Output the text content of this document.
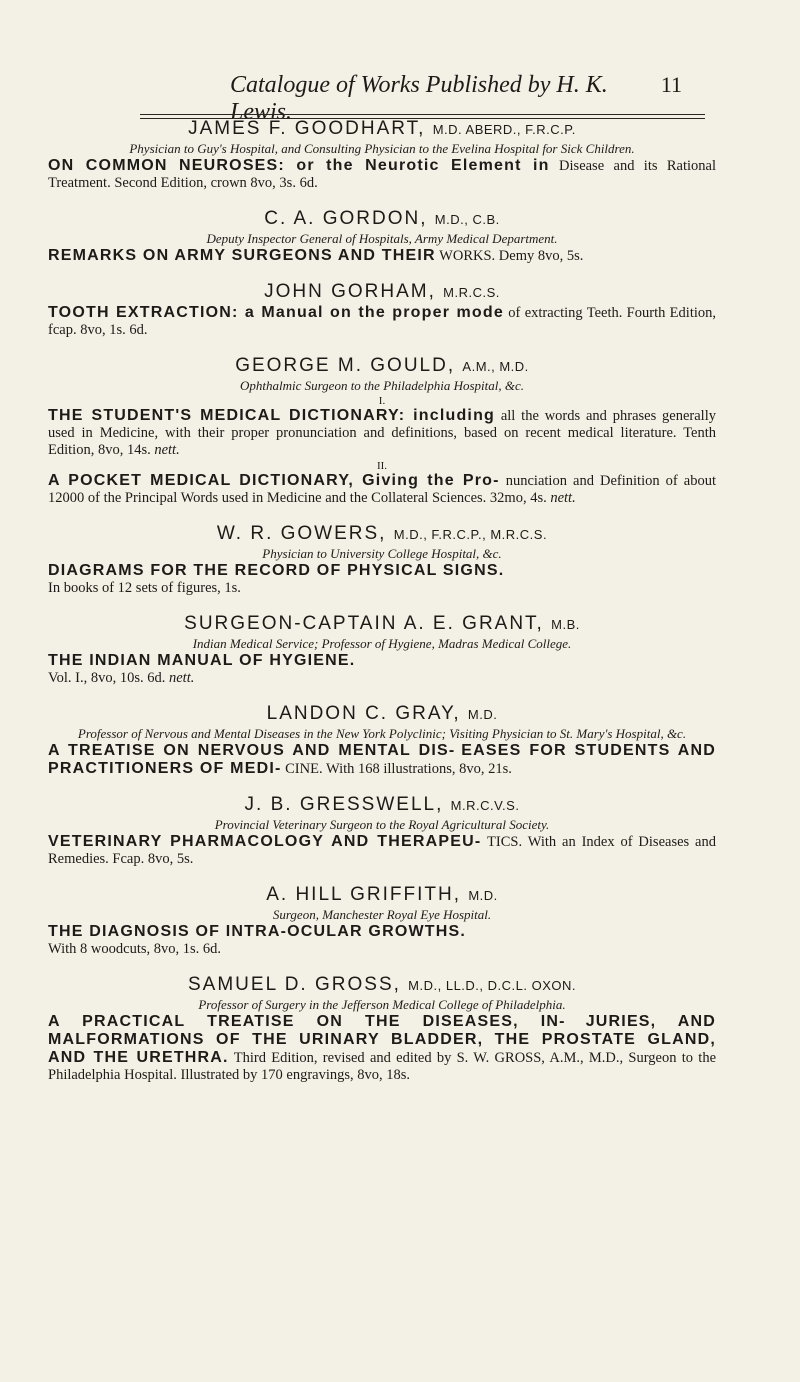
Catalogue of Works Published by H. K. Lewis.
11
JAMES F. GOODHART, M.D. ABERD., F.R.C.P.
Physician to Guy's Hospital, and Consulting Physician to the Evelina Hospital for Sick Children.
ON COMMON NEUROSES: or the Neurotic Element in Disease and its Rational Treatment. Second Edition, crown 8vo, 3s. 6d.
C. A. GORDON, M.D., C.B.
Deputy Inspector General of Hospitals, Army Medical Department.
REMARKS ON ARMY SURGEONS AND THEIR WORKS. Demy 8vo, 5s.
JOHN GORHAM, M.R.C.S.
TOOTH EXTRACTION: a Manual on the proper mode of extracting Teeth. Fourth Edition, fcap. 8vo, 1s. 6d.
GEORGE M. GOULD, A.M., M.D.
Ophthalmic Surgeon to the Philadelphia Hospital, &c.
I.
THE STUDENT'S MEDICAL DICTIONARY: including all the words and phrases generally used in Medicine, with their proper pronunciation and definitions, based on recent medical literature. Tenth Edition, 8vo, 14s. nett.
II.
A POCKET MEDICAL DICTIONARY, Giving the Pro- nunciation and Definition of about 12000 of the Principal Words used in Medicine and the Collateral Sciences. 32mo, 4s. nett.
W. R. GOWERS, M.D., F.R.C.P., M.R.C.S.
Physician to University College Hospital, &c.
DIAGRAMS FOR THE RECORD OF PHYSICAL SIGNS.
In books of 12 sets of figures, 1s.
SURGEON-CAPTAIN A. E. GRANT, M.B.
Indian Medical Service; Professor of Hygiene, Madras Medical College.
THE INDIAN MANUAL OF HYGIENE.
Vol. I., 8vo, 10s. 6d. nett.
LANDON C. GRAY, M.D.
Professor of Nervous and Mental Diseases in the New York Polyclinic; Visiting Physician to St. Mary's Hospital, &c.
A TREATISE ON NERVOUS AND MENTAL DIS- EASES FOR STUDENTS AND PRACTITIONERS OF MEDI- CINE. With 168 illustrations, 8vo, 21s.
J. B. GRESSWELL, M.R.C.V.S.
Provincial Veterinary Surgeon to the Royal Agricultural Society.
VETERINARY PHARMACOLOGY AND THERAPEU- TICS. With an Index of Diseases and Remedies. Fcap. 8vo, 5s.
A. HILL GRIFFITH, M.D.
Surgeon, Manchester Royal Eye Hospital.
THE DIAGNOSIS OF INTRA-OCULAR GROWTHS.
With 8 woodcuts, 8vo, 1s. 6d.
SAMUEL D. GROSS, M.D., LL.D., D.C.L. OXON.
Professor of Surgery in the Jefferson Medical College of Philadelphia.
A PRACTICAL TREATISE ON THE DISEASES, IN- JURIES, AND MALFORMATIONS OF THE URINARY BLADDER, THE PROSTATE GLAND, AND THE URETHRA. Third Edition, revised and edited by S. W. GROSS, A.M., M.D., Surgeon to the Philadelphia Hospital. Illustrated by 170 engravings, 8vo, 18s.
